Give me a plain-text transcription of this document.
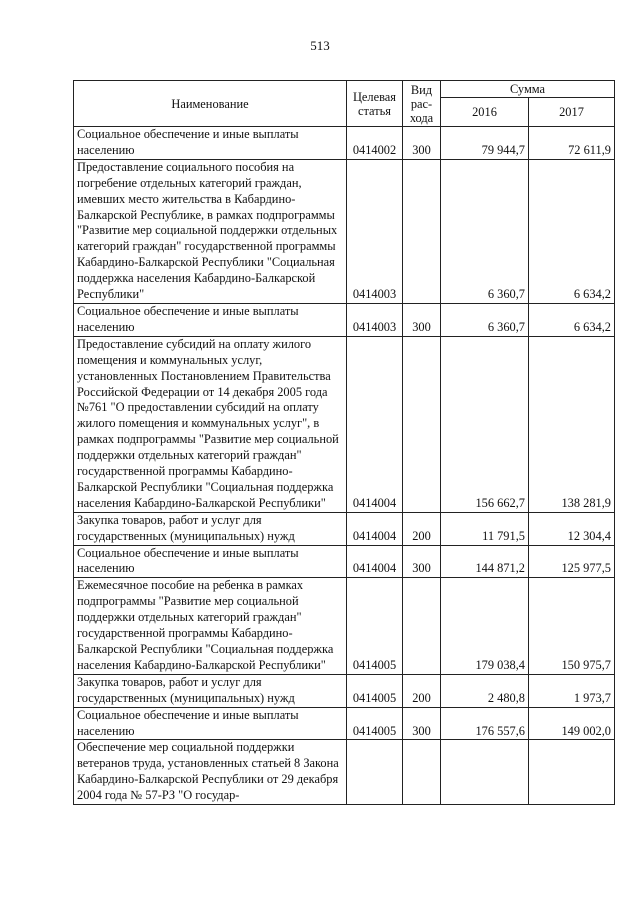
513
Наименование	Целевая статья	Вид рас-хода	Сумма	
			2016	2017
Социальное обеспечение и иные выплаты населению	0414002	300	79 944,7	72 611,9
Предоставление социального пособия на погребение отдельных категорий граждан, имевших место жительства в Кабардино-Балкарской Республике, в рамках подпрограммы "Развитие мер социальной поддержки отдельных категорий граждан" государственной программы Кабардино-Балкарской Республики "Социальная поддержка населения Кабардино-Балкарской Республики"	0414003		6 360,7	6 634,2
Социальное обеспечение и иные выплаты населению	0414003	300	6 360,7	6 634,2
Предоставление субсидий на оплату жилого помещения и коммунальных услуг, установленных Постановлением Правительства Российской Федерации от 14 декабря 2005 года №761 "О предоставлении субсидий на оплату жилого помещения и коммунальных услуг", в рамках подпрограммы "Развитие мер социальной поддержки отдельных категорий граждан" государственной программы Кабардино-Балкарской Республики "Социальная поддержка населения Кабардино-Балкарской Республики"	0414004		156 662,7	138 281,9
Закупка товаров, работ и услуг для государственных (муниципальных) нужд	0414004	200	11 791,5	12 304,4
Социальное обеспечение и иные выплаты населению	0414004	300	144 871,2	125 977,5
Ежемесячное пособие на ребенка в рамках подпрограммы "Развитие мер социальной поддержки отдельных категорий граждан" государственной программы Кабардино-Балкарской Республики "Социальная поддержка населения Кабардино-Балкарской Республики"	0414005		179 038,4	150 975,7
Закупка товаров, работ и услуг для государственных (муниципальных) нужд	0414005	200	2 480,8	1 973,7
Социальное обеспечение и иные выплаты населению	0414005	300	176 557,6	149 002,0
Обеспечение мер социальной поддержки ветеранов труда, установленных статьей 8 Закона Кабардино-Балкарской Республики от 29 декабря 2004 года № 57-РЗ "О государ-				
